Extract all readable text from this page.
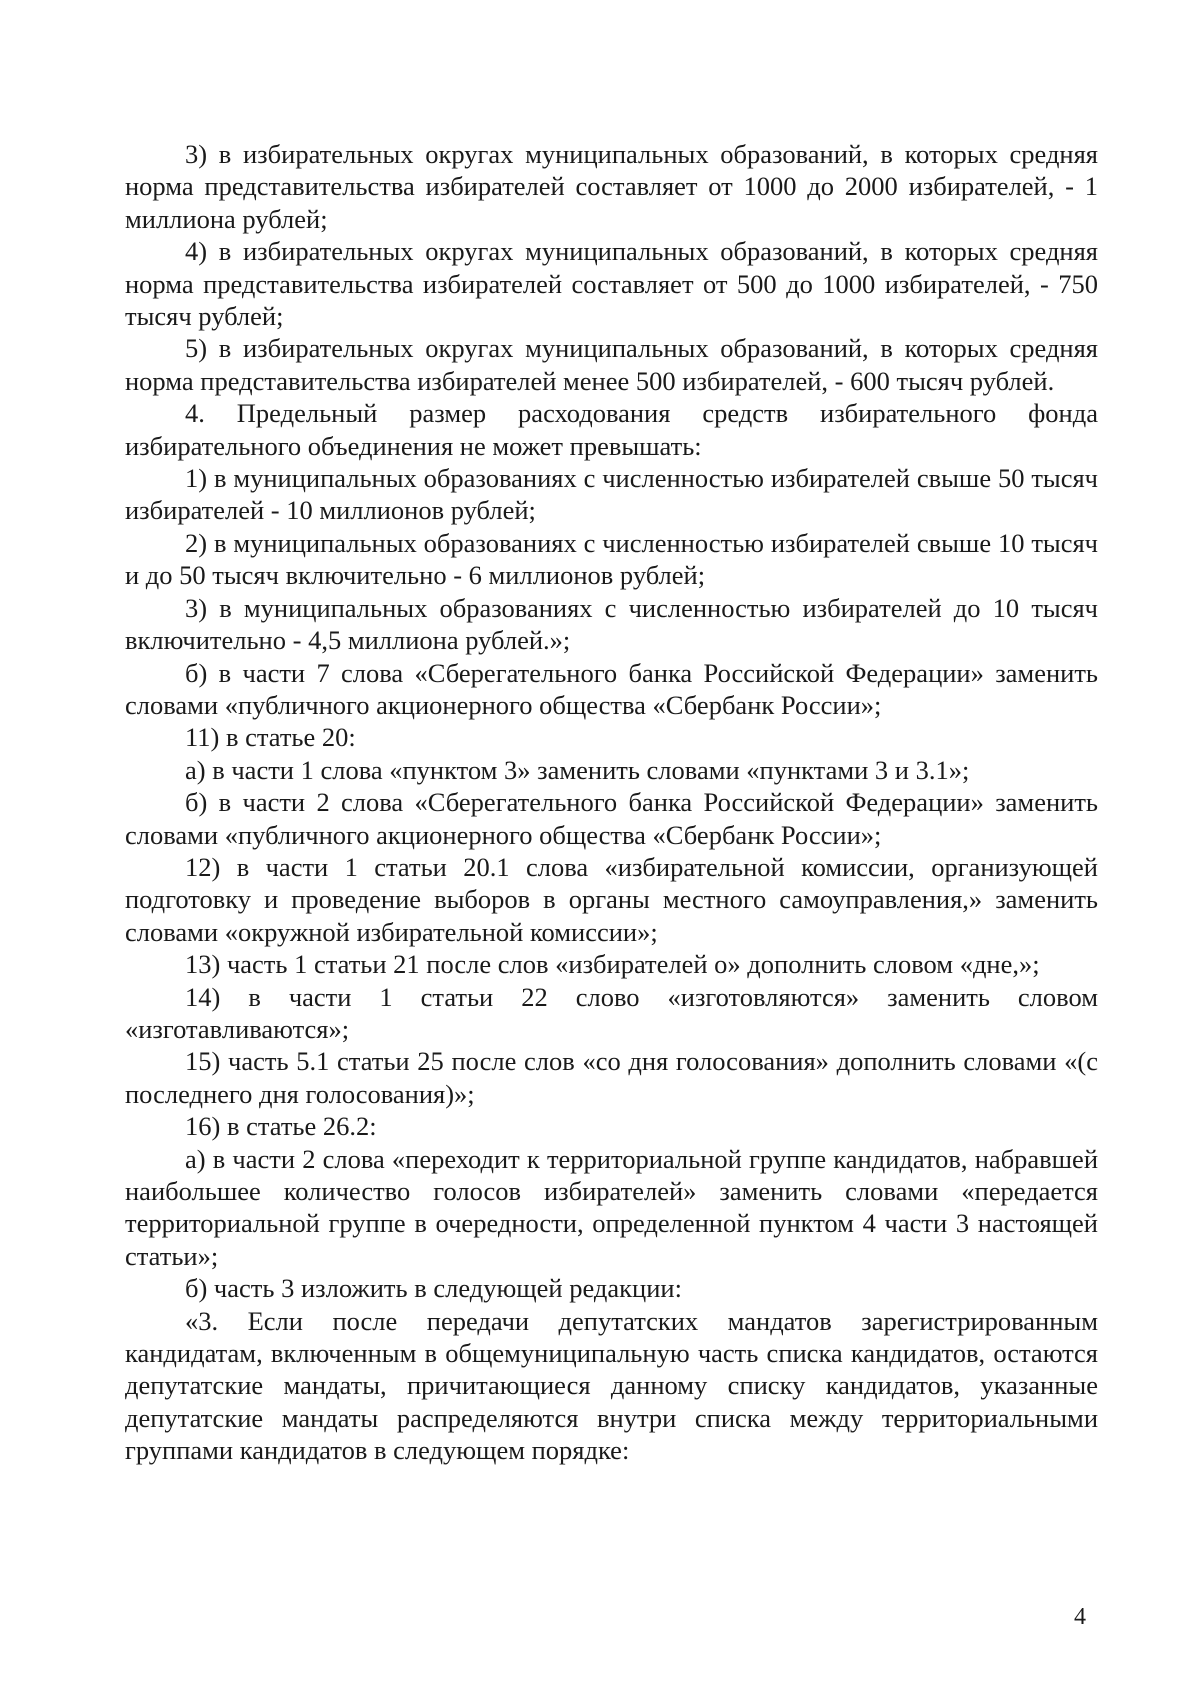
3) в избирательных округах муниципальных образований, в которых средняя норма представительства избирателей составляет от 1000 до 2000 избирателей, - 1 миллиона рублей;

4) в избирательных округах муниципальных образований, в которых средняя норма представительства избирателей составляет от 500 до 1000 избирателей, - 750 тысяч рублей;

5) в избирательных округах муниципальных образований, в которых средняя норма представительства избирателей менее 500 избирателей, - 600 тысяч рублей.

4. Предельный размер расходования средств избирательного фонда избирательного объединения не может превышать:

1) в муниципальных образованиях с численностью избирателей свыше 50 тысяч избирателей - 10 миллионов рублей;

2) в муниципальных образованиях с численностью избирателей свыше 10 тысяч и до 50 тысяч включительно - 6 миллионов рублей;

3) в муниципальных образованиях с численностью избирателей до 10 тысяч включительно - 4,5 миллиона рублей.»;

б) в части 7 слова «Сберегательного банка Российской Федерации» заменить словами «публичного акционерного общества «Сбербанк России»;

11) в статье 20:

а) в части 1 слова «пунктом 3» заменить словами «пунктами 3 и 3.1»;

б) в части 2 слова «Сберегательного банка Российской Федерации» заменить словами «публичного акционерного общества «Сбербанк России»;

12) в части 1 статьи 20.1 слова «избирательной комиссии, организующей подготовку и проведение выборов в органы местного самоуправления,» заменить словами «окружной избирательной комиссии»;

13) часть 1 статьи 21 после слов «избирателей о» дополнить словом «дне,»;

14) в части 1 статьи 22 слово «изготовляются» заменить словом «изготавливаются»;

15) часть 5.1 статьи 25 после слов «со дня голосования» дополнить словами «(с последнего дня голосования)»;

16) в статье 26.2:

а) в части 2 слова «переходит к территориальной группе кандидатов, набравшей наибольшее количество голосов избирателей» заменить словами «передается территориальной группе в очередности, определенной пунктом 4 части 3 настоящей статьи»;

б) часть 3 изложить в следующей редакции:

«3. Если после передачи депутатских мандатов зарегистрированным кандидатам, включенным в общемуниципальную часть списка кандидатов, остаются депутатские мандаты, причитающиеся данному списку кандидатов, указанные депутатские мандаты распределяются внутри списка между территориальными группами кандидатов в следующем порядке:

4
